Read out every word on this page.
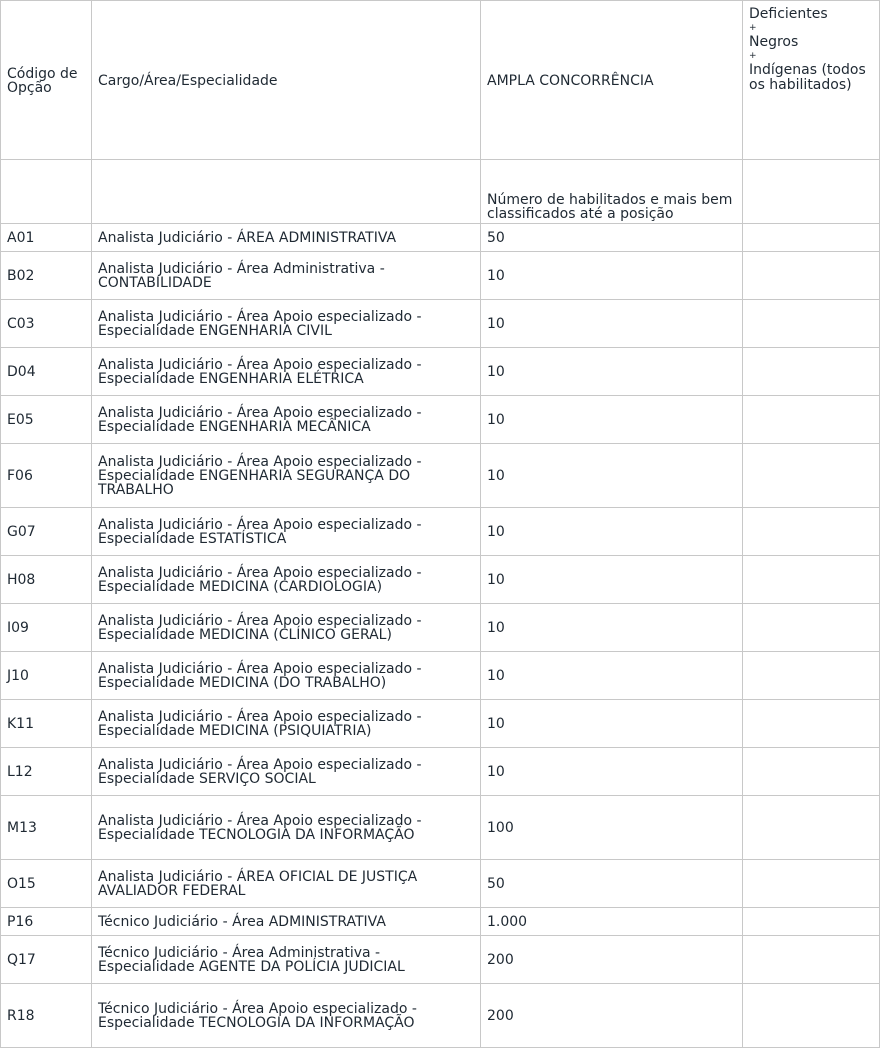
Código de Opção	Cargo/Área/Especialidade	AMPLA CONCORRÊNCIA	Deficientes
+
Negros
+
Indígenas (todos os habilitados)
		Número de habilitados e mais bem classificados até a posição	
A01	Analista Judiciário - ÁREA ADMINISTRATIVA	50	
B02	Analista Judiciário - Área Administrativa - CONTABILIDADE	10	
C03	Analista Judiciário - Área Apoio especializado - Especialidade ENGENHARIA CIVIL	10	
D04	Analista Judiciário - Área Apoio especializado - Especialidade ENGENHARIA ELÉTRICA	10	
E05	Analista Judiciário - Área Apoio especializado - Especialidade ENGENHARIA MECÂNICA	10	
F06	Analista Judiciário - Área Apoio especializado - Especialidade ENGENHARIA SEGURANÇA DO TRABALHO	10	
G07	Analista Judiciário - Área Apoio especializado - Especialidade ESTATÍSTICA	10	
H08	Analista Judiciário - Área Apoio especializado - Especialidade MEDICINA (CARDIOLOGIA)	10	
I09	Analista Judiciário - Área Apoio especializado - Especialidade MEDICINA (CLÍNICO GERAL)	10	
J10	Analista Judiciário - Área Apoio especializado - Especialidade MEDICINA (DO TRABALHO)	10	
K11	Analista Judiciário - Área Apoio especializado - Especialidade MEDICINA (PSIQUIATRIA)	10	
L12	Analista Judiciário - Área Apoio especializado - Especialidade SERVIÇO SOCIAL	10	
M13	Analista Judiciário - Área Apoio especializado - Especialidade TECNOLOGIA DA INFORMAÇÃO	100	
O15	Analista Judiciário - ÁREA OFICIAL DE JUSTIÇA AVALIADOR FEDERAL	50	
P16	Técnico Judiciário - Área ADMINISTRATIVA	1.000	
Q17	Técnico Judiciário - Área Administrativa - Especialidade AGENTE DA POLÍCIA JUDICIAL	200	
R18	Técnico Judiciário - Área Apoio especializado - Especialidade TECNOLOGIA DA INFORMAÇÃO	200	
